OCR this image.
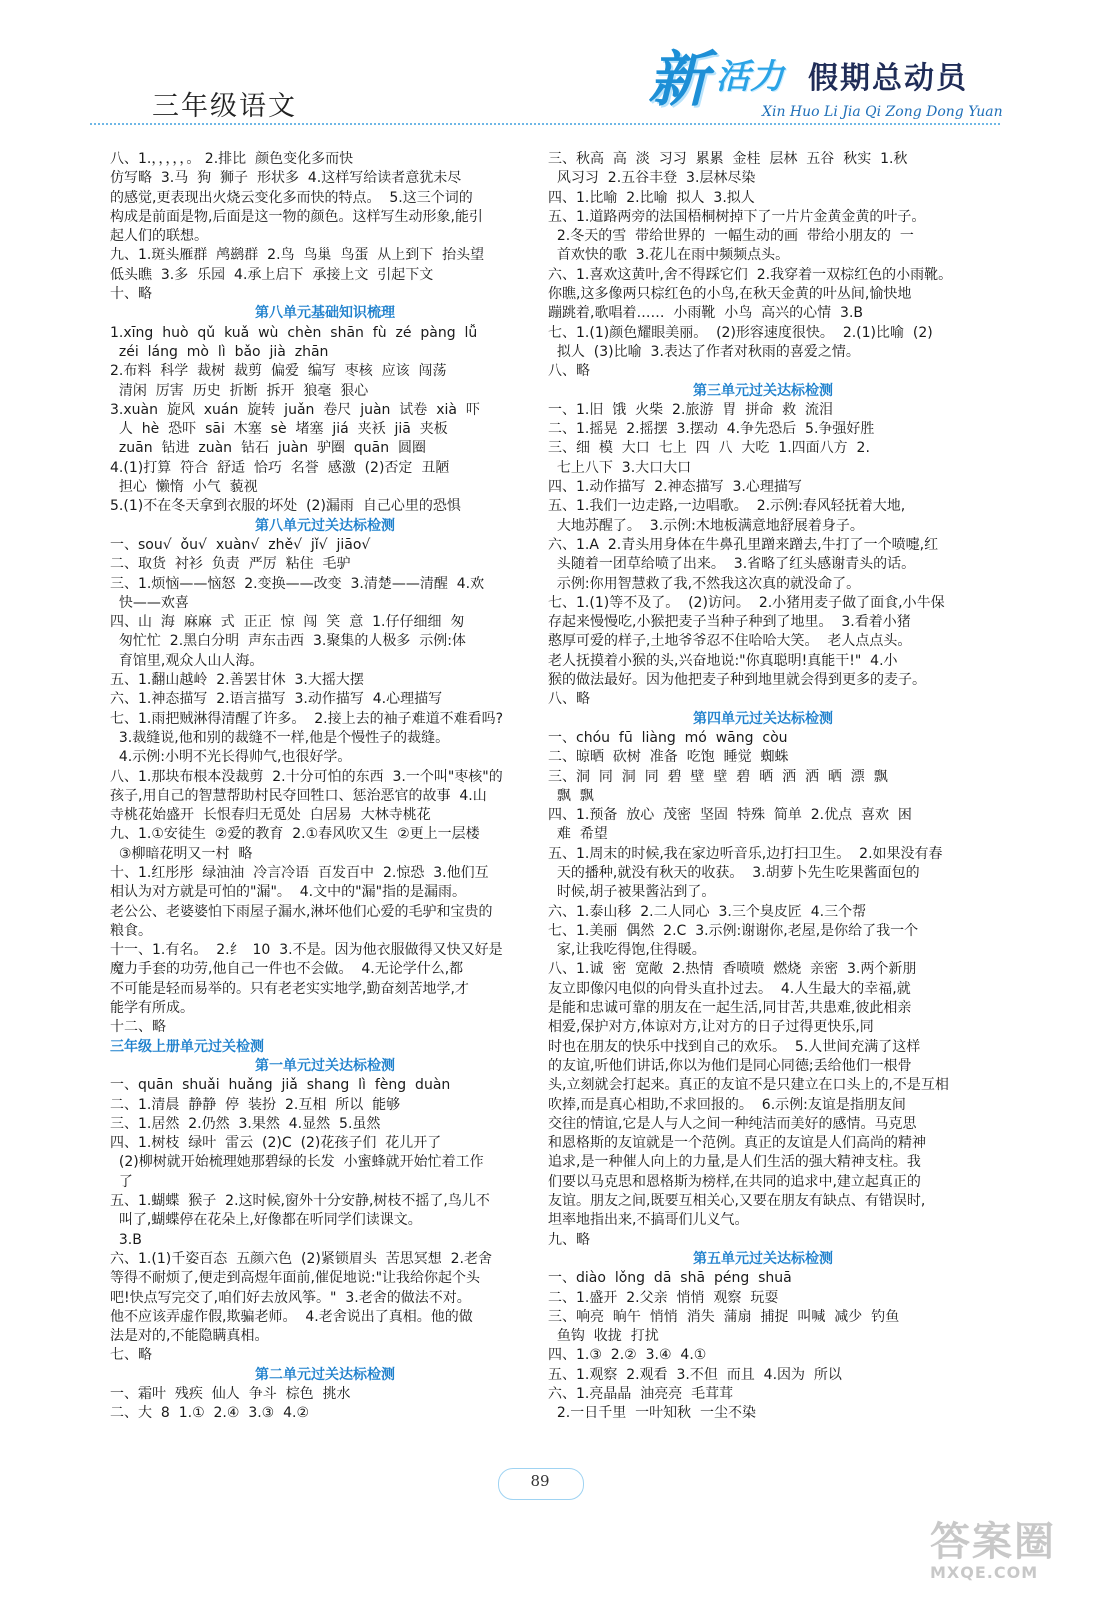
三年级语文	新 活力 假期总动员
Xin Huo Li Jia Qi Zong Dong Yuan
八、1.，，，，，。 2.排比  颜色变化多而快
仿写略  3.马  狗  狮子  形状多  4.这样写给读者意犹未尽
的感觉,更表现出火烧云变化多而快的特点。  5.这三个词的
构成是前面是物,后面是这一物的颜色。这样写生动形象,能引
起人们的联想。
九、1.斑头雁群  鸬鹚群  2.鸟  鸟巢  鸟蛋  从上到下  抬头望
低头瞧  3.多  乐园  4.承上启下  承接上文  引起下文
十、略
第八单元基础知识梳理
1.xīng  huò  qǔ  kuǎ  wù  chèn  shān  fù  zé  pàng  lǚ
zéi  láng  mò  lì  bǎo  jià  zhān
2.布料  科学  裁树  裁剪  偏爱  编写  枣核  应该  闯荡
清闲  厉害  历史  折断  拆开  狼毫  狠心
3.xuàn  旋风  xuán  旋转  juǎn  卷尺  juàn  试卷  xià  吓
人  hè  恐吓  sāi  木塞  sè  堵塞  jiá  夹袄  jiā  夹板
zuān  钻进  zuàn  钻石  juàn  驴圈  quān  圆圈
4.(1)打算  符合  舒适  恰巧  名誉  感激  (2)否定  丑陋
担心  懒惰  小气  藐视
5.(1)不在冬天拿到衣服的坏处  (2)漏雨  自己心里的恐惧
第八单元过关达标检测
一、sou√  ǒu√  xuàn√  zhě√  jǐ√  jiāo√
二、取货  衬衫  负责  严厉  粘住  毛驴
三、1.烦恼——恼怒  2.变换——改变  3.清楚——清醒  4.欢
快——欢喜
四、山  海  麻麻  式  正正  惊  闯  笑  意  1.仔仔细细  匆
匆忙忙  2.黑白分明  声东击西  3.聚集的人极多  示例:体
育馆里,观众人山人海。
五、1.翻山越岭  2.善罢甘休  3.大摇大摆
六、1.神态描写  2.语言描写  3.动作描写  4.心理描写
七、1.雨把贼淋得清醒了许多。  2.接上去的袖子难道不难看吗?
3.裁缝说,他和别的裁缝不一样,他是个慢性子的裁缝。
4.示例:小明不光长得帅气,也很好学。
八、1.那块布根本没裁剪  2.十分可怕的东西  3.一个叫"枣核"的
孩子,用自己的智慧帮助村民夺回牲口、惩治恶官的故事  4.山
寺桃花始盛开  长恨春归无觅处  白居易  大林寺桃花
九、1.①安徒生  ②爱的教育  2.①春风吹又生  ②更上一层楼
③柳暗花明又一村  略
十、1.红彤彤  绿油油  冷言冷语  百发百中  2.惊恐  3.他们互
相认为对方就是可怕的"漏"。  4.文中的"漏"指的是漏雨。
老公公、老婆婆怕下雨屋子漏水,淋坏他们心爱的毛驴和宝贵的
粮食。
十一、1.有名。  2.纟  10  3.不是。因为他衣服做得又快又好是
魔力手套的功劳,他自己一件也不会做。  4.无论学什么,都
不可能是轻而易举的。只有老老实实地学,勤奋刻苦地学,才
能学有所成。
十二、略
三年级上册单元过关检测
第一单元过关达标检测
一、quān  shuǎi  huǎng  jiǎ  shang  lì  fèng  duàn
二、1.清晨  静静  停  装扮  2.互相  所以  能够
三、1.居然  2.仍然  3.果然  4.显然  5.虽然
四、1.树枝  绿叶  雷云  (2)C  (2)花孩子们  花儿开了
(2)柳树就开始梳理她那碧绿的长发  小蜜蜂就开始忙着工作
了
五、1.蝴蝶  猴子  2.这时候,窗外十分安静,树枝不摇了,鸟儿不
叫了,蝴蝶停在花朵上,好像都在听同学们读课文。
3.B
六、1.(1)千姿百态  五颜六色  (2)紧锁眉头  苦思冥想  2.老舍
等得不耐烦了,便走到高煜年面前,催促地说:"让我给你起个头
吧!快点写完交了,咱们好去放风筝。"  3.老舍的做法不对。
他不应该弄虚作假,欺骗老师。  4.老舍说出了真相。他的做
法是对的,不能隐瞒真相。
七、略
第二单元过关达标检测
一、霜叶  残疾  仙人  争斗  棕色  挑水
二、大  8  1.①  2.④  3.③  4.②
三、秋高  高  淡  习习  累累  金桂  层林  五谷  秋实  1.秋
风习习  2.五谷丰登  3.层林尽染
四、1.比喻  2.比喻  拟人  3.拟人
五、1.道路两旁的法国梧桐树掉下了一片片金黄金黄的叶子。
2.冬天的雪  带给世界的  一幅生动的画  带给小朋友的  一
首欢快的歌  3.花儿在雨中频频点头。
六、1.喜欢这黄叶,舍不得踩它们  2.我穿着一双棕红色的小雨靴。
你瞧,这多像两只棕红色的小鸟,在秋天金黄的叶丛间,愉快地
蹦跳着,歌唱着……  小雨靴  小鸟  高兴的心情  3.B
七、1.(1)颜色耀眼美丽。  (2)形容速度很快。  2.(1)比喻  (2)
拟人  (3)比喻  3.表达了作者对秋雨的喜爱之情。
八、略
第三单元过关达标检测
一、1.旧  饿  火柴  2.旅游  胃  拼命  救  流泪
二、1.摇晃  2.摇摆  3.摆动  4.争先恐后  5.争强好胜
三、细  模  大口  七上  四  八  大吃  1.四面八方  2.
七上八下  3.大口大口
四、1.动作描写  2.神态描写  3.心理描写
五、1.我们一边走路,一边唱歌。  2.示例:春风轻抚着大地,
大地苏醒了。  3.示例:木地板满意地舒展着身子。
六、1.A  2.青头用身体在牛鼻孔里蹭来蹭去,牛打了一个喷嚏,红
头随着一团草给喷了出来。  3.省略了红头感谢青头的话。
示例:你用智慧救了我,不然我这次真的就没命了。
七、1.(1)等不及了。  (2)访问。  2.小猪用麦子做了面食,小牛保
存起来慢慢吃,小猴把麦子当种子种到了地里。  3.看着小猪
憨厚可爱的样子,土地爷爷忍不住哈哈大笑。  老人点点头。
老人抚摸着小猴的头,兴奋地说:"你真聪明!真能干!"  4.小
猴的做法最好。因为他把麦子种到地里就会得到更多的麦子。
八、略
第四单元过关达标检测
一、chóu  fū  liàng  mó  wāng  còu
二、晾晒  砍树  准备  吃饱  睡觉  蜘蛛
三、洞  同  洞  同  碧  壁  壁  碧  晒  洒  洒  晒  漂  飘
飘  飘
四、1.预备  放心  茂密  坚固  特殊  简单  2.优点  喜欢  困
难  希望
五、1.周末的时候,我在家边听音乐,边打扫卫生。  2.如果没有春
天的播种,就没有秋天的收获。  3.胡萝卜先生吃果酱面包的
时候,胡子被果酱沾到了。
六、1.泰山移  2.二人同心  3.三个臭皮匠  4.三个帮
七、1.美丽  偶然  2.C  3.示例:谢谢你,老屋,是你给了我一个
家,让我吃得饱,住得暖。
八、1.诚  密  宽敞  2.热情  香喷喷  燃烧  亲密  3.两个新朋
友立即像闪电似的向骨头直扑过去。  4.人生最大的幸福,就
是能和忠诚可靠的朋友在一起生活,同甘苦,共患难,彼此相亲
相爱,保护对方,体谅对方,让对方的日子过得更快乐,同
时也在朋友的快乐中找到自己的欢乐。  5.人世间充满了这样
的友谊,听他们讲话,你以为他们是同心同德;丢给他们一根骨
头,立刻就会打起来。真正的友谊不是只建立在口头上的,不是互相
吹捧,而是真心相助,不求回报的。  6.示例:友谊是指朋友间
交往的情谊,它是人与人之间一种纯洁而美好的感情。马克思
和恩格斯的友谊就是一个范例。真正的友谊是人们高尚的精神
追求,是一种催人向上的力量,是人们生活的强大精神支柱。我
们要以马克思和恩格斯为榜样,在共同的追求中,建立起真正的
友谊。朋友之间,既要互相关心,又要在朋友有缺点、有错误时,
坦率地指出来,不搞哥们儿义气。
九、略
第五单元过关达标检测
一、diào  lǒng  dā  shā  péng  shuā
二、1.盛开  2.父亲  悄悄  观察  玩耍
三、响亮  晌午  悄悄  消失  蒲扇  捕捉  叫喊  减少  钓鱼
鱼钩  收拢  打扰
四、1.③  2.②  3.④  4.①
五、1.观察  2.观看  3.不但  而且  4.因为  所以
六、1.亮晶晶  油亮亮  毛茸茸
2.一日千里  一叶知秋  一尘不染
89
答案圈
MXQE.COM
